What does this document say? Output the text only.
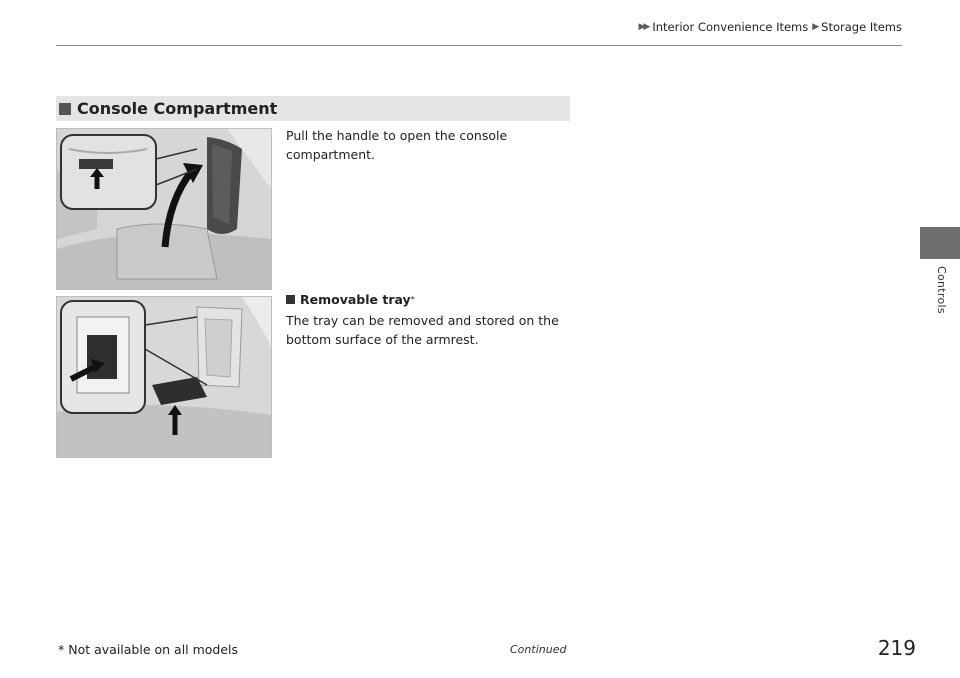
▶▶ Interior Convenience Items ▶ Storage Items
Controls
Console Compartment
Pull the handle to open the console compartment.
Removable tray *
The tray can be removed and stored on the bottom surface of the armrest.
* Not available on all models	Continued	219
